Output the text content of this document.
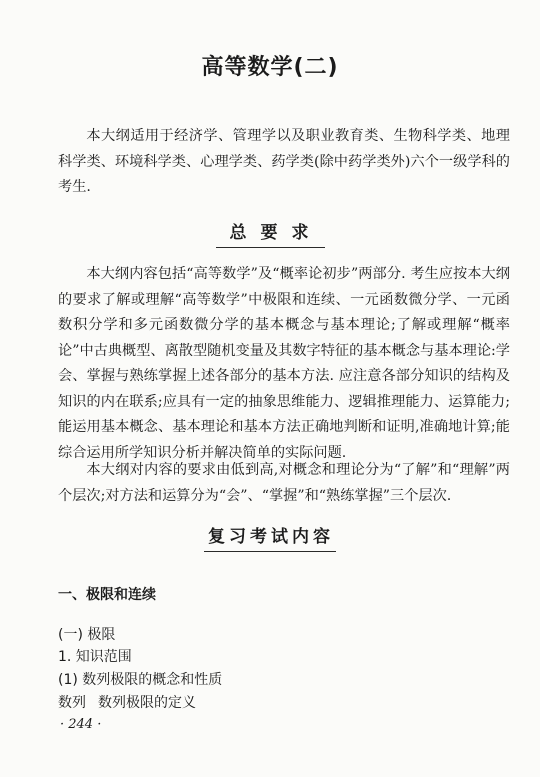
高等数学(二)

本大纲适用于经济学、管理学以及职业教育类、生物科学类、地理科学类、环境科学类、心理学类、药学类(除中药学类外)六个一级学科的考生.

总要求

本大纲内容包括“高等数学”及“概率论初步”两部分. 考生应按本大纲的要求了解或理解“高等数学”中极限和连续、一元函数微分学、一元函数积分学和多元函数微分学的基本概念与基本理论;了解或理解“概率论”中古典概型、离散型随机变量及其数字特征的基本概念与基本理论:学会、掌握与熟练掌握上述各部分的基本方法. 应注意各部分知识的结构及知识的内在联系;应具有一定的抽象思维能力、逻辑推理能力、运算能力;能运用基本概念、基本理论和基本方法正确地判断和证明,准确地计算;能综合运用所学知识分析并解决简单的实际问题.

本大纲对内容的要求由低到高,对概念和理论分为“了解”和“理解”两个层次;对方法和运算分为“会”、“掌握”和“熟练掌握”三个层次.

复习考试内容
一、极限和连续
(一) 极限
1. 知识范围
(1) 数列极限的概念和性质
数列 数列极限的定义
· 244 ·
